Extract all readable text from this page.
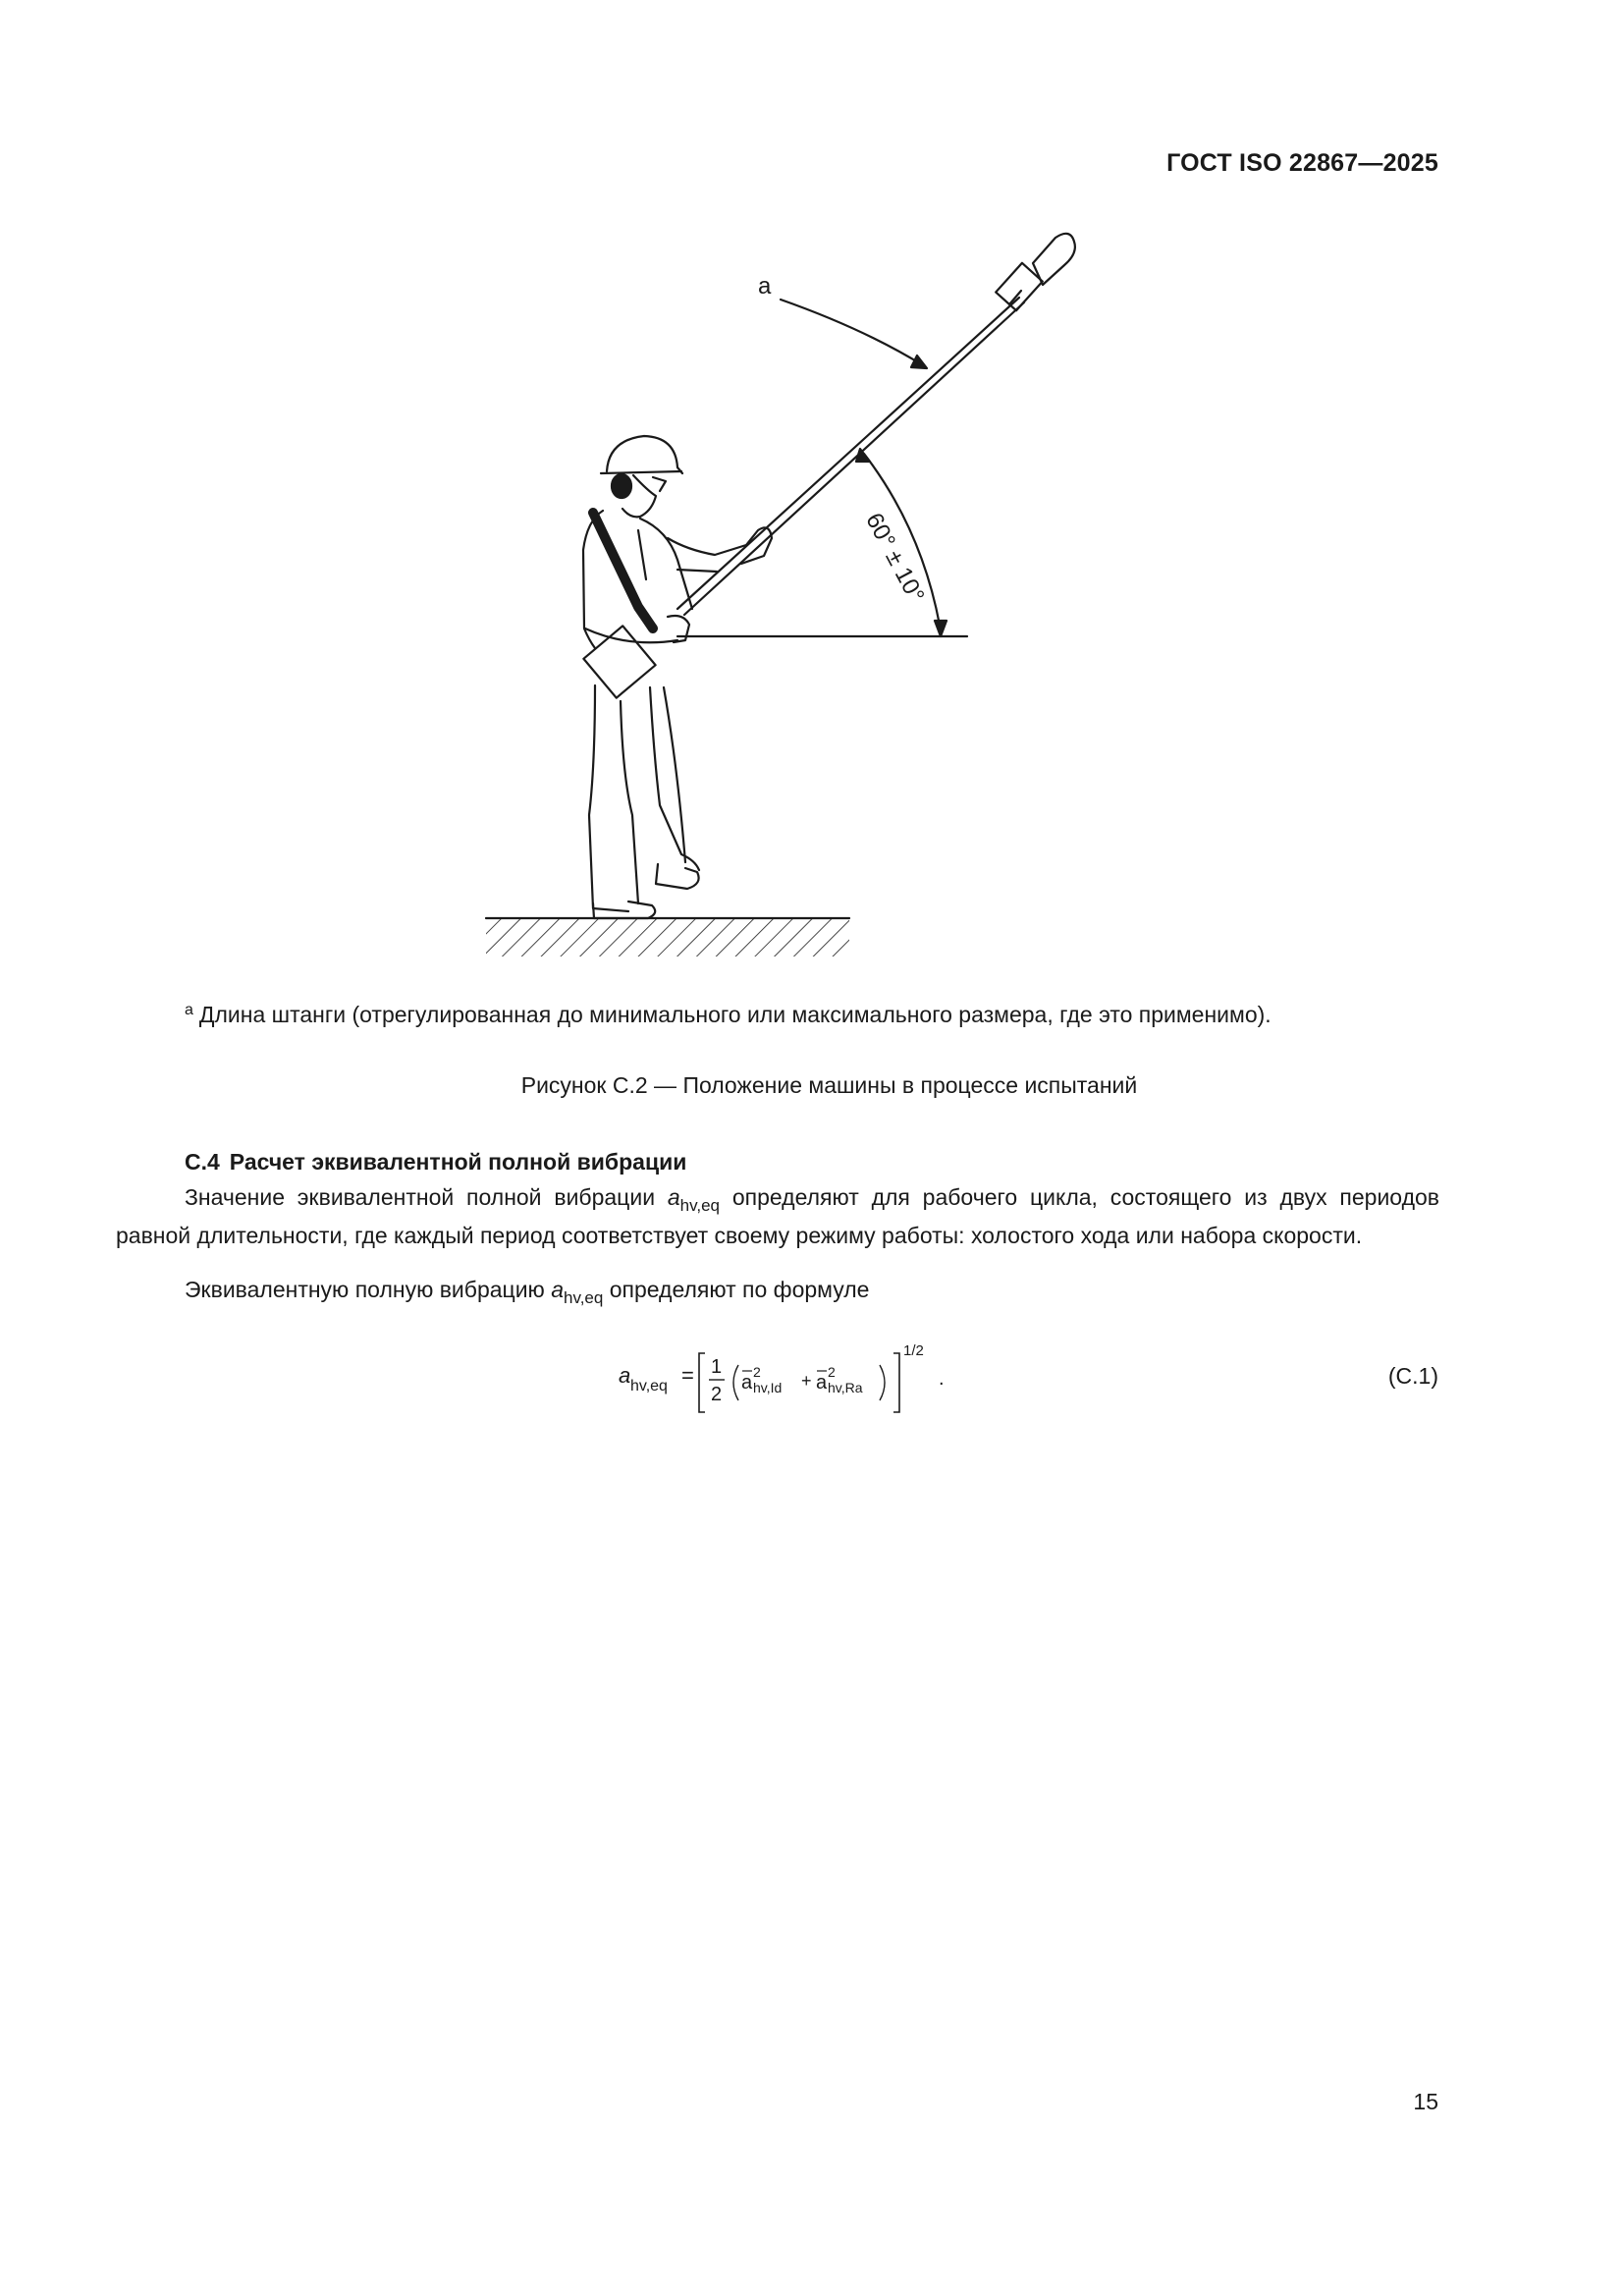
ГОСТ ISO 22867—2025
a
60° ± 10°
$^a$ Длина штанги (отрегулированная до минимального или максимального размера, где это применимо).
Рисунок С.2 — Положение машины в процессе испытаний
С.4 Расчет эквивалентной полной вибрации
Значение эквивалентной полной вибрации $a_{hv,eq}$ определяют для рабочего цикла, состоящего из двух периодов равной длительности, где каждый период соответствует своему режиму работы: холостого хода или набора скорости.
Эквивалентную полную вибрацию $a_{hv,eq}$ определяют по формуле
a hv,eq = 1
2
a 2
hv,Id + a 2
hv,Ra
1/2
.	(С.1)
15
